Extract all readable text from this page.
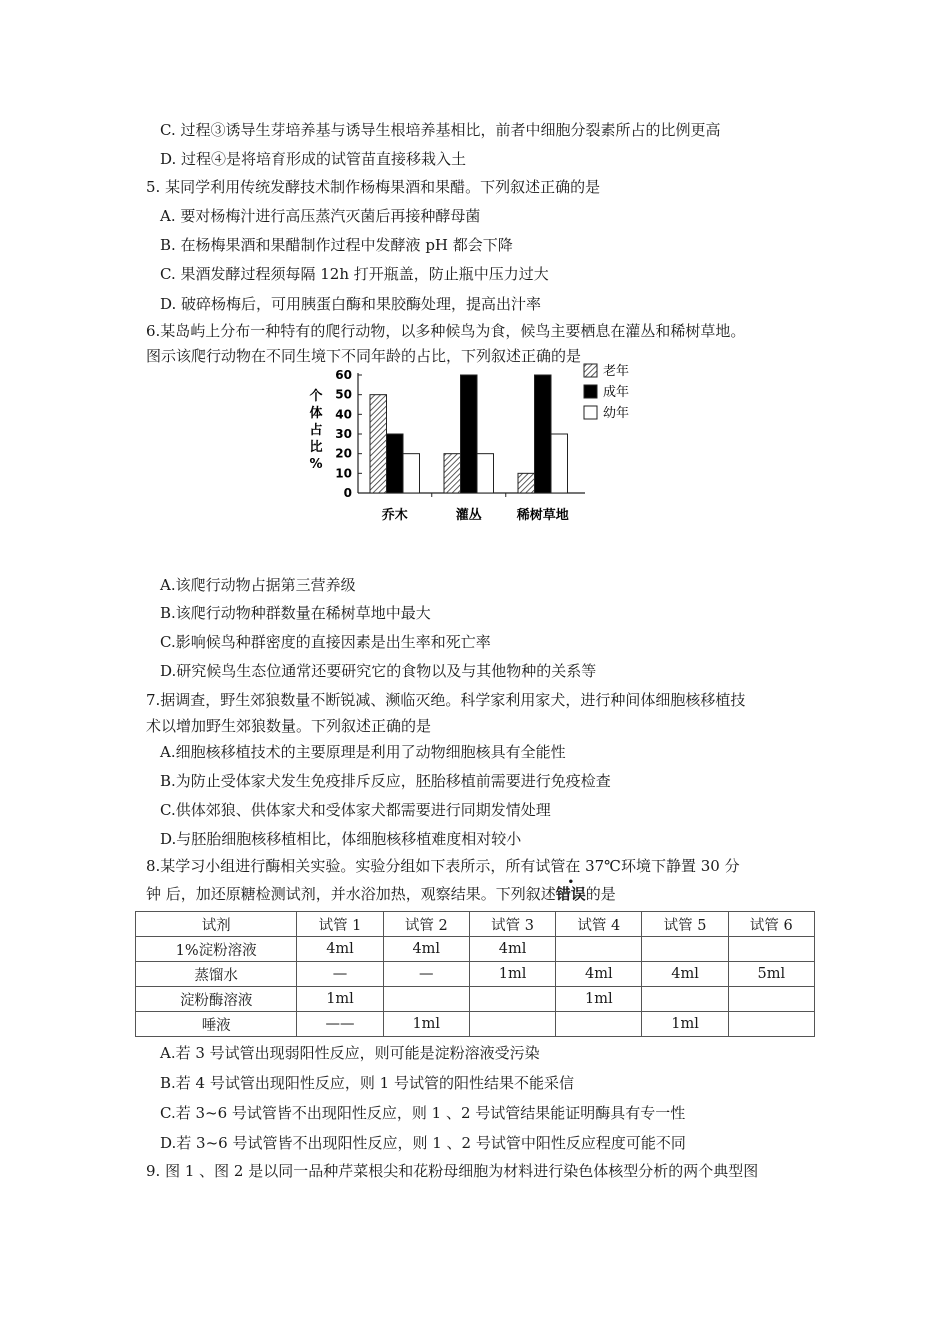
C. 过程③诱导生芽培养基与诱导生根培养基相比，前者中细胞分裂素所占的比例更高
D. 过程④是将培育形成的试管苗直接移栽入土
5. 某同学利用传统发酵技术制作杨梅果酒和果醋。下列叙述正确的是
A. 要对杨梅汁进行高压蒸汽灭菌后再接种酵母菌
B. 在杨梅果酒和果醋制作过程中发酵液 pH 都会下降
C. 果酒发酵过程须每隔 12h 打开瓶盖，防止瓶中压力过大
D. 破碎杨梅后，可用胰蛋白酶和果胶酶处理，提高出汁率
6.某岛屿上分布一种特有的爬行动物，以多种候鸟为食，候鸟主要栖息在灌丛和稀树草地。
图示该爬行动物在不同生境下不同年龄的占比，下列叙述正确的是
个
体
占
比
%
0
10
20
30
40
50
60
乔木	灌丛	稀树草地
老年
成年
幼年
A.该爬行动物占据第三营养级
B.该爬行动物种群数量在稀树草地中最大
C.影响候鸟种群密度的直接因素是出生率和死亡率
D.研究候鸟生态位通常还要研究它的食物以及与其他物种的关系等
7.据调查，野生郊狼数量不断锐减、濒临灭绝。科学家利用家犬，进行种间体细胞核移植技
术以增加野生郊狼数量。下列叙述正确的是
A.细胞核移植技术的主要原理是利用了动物细胞核具有全能性
B.为防止受体家犬发生免疫排斥反应，胚胎移植前需要进行免疫检查
C.供体郊狼、供体家犬和受体家犬都需要进行同期发情处理
D.与胚胎细胞核移植相比，体细胞核移植难度相对较小
8.某学习小组进行酶相关实验。实验分组如下表所示，所有试管在 37℃环境下静置 30 分
钟 后，加还原糖检测试剂，并水浴加热，观察结果。下列叙述
•
错误的是
试剂	试管 1	试管 2	试管 3	试管 4	试管 5	试管 6
1%淀粉溶液	4ml	4ml	4ml			
蒸馏水	—	—	1ml	4ml	4ml	5ml
淀粉酶溶液	1ml			1ml		
唾液	——	1ml			1ml	
A.若 3 号试管出现弱阳性反应，则可能是淀粉溶液受污染
B.若 4 号试管出现阳性反应，则 1 号试管的阳性结果不能采信
C.若 3~6 号试管皆不出现阳性反应，则 1 、2 号试管结果能证明酶具有专一性
D.若 3~6 号试管皆不出现阳性反应，则 1 、2 号试管中阳性反应程度可能不同
9. 图 1 、图 2 是以同一品种芹菜根尖和花粉母细胞为材料进行染色体核型分析的两个典型图
